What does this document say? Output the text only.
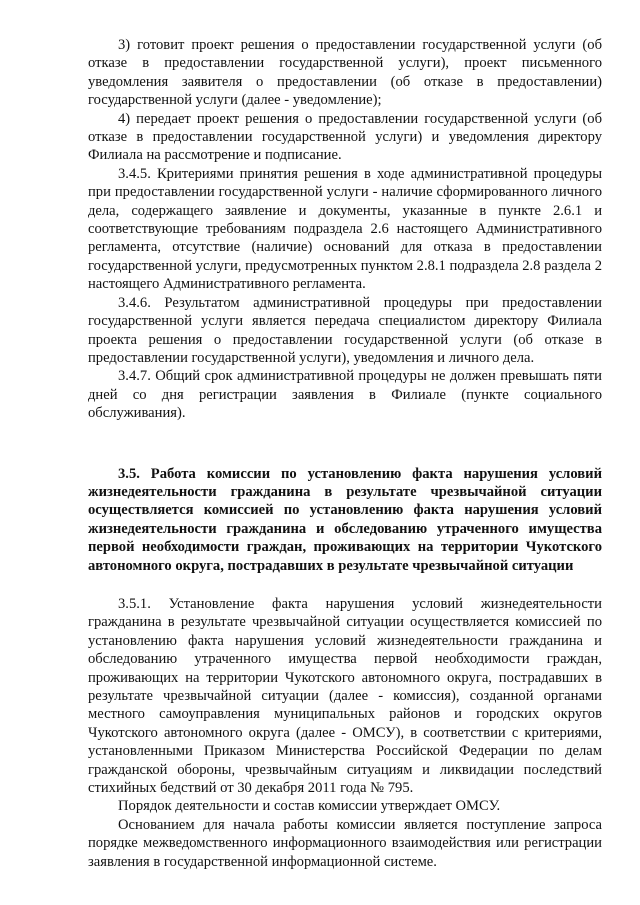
3) готовит проект решения о предоставлении государственной услуги (об отказе в предоставлении государственной услуги), проект письменного уведомления заявителя о предоставлении (об отказе в предоставлении) государственной услуги (далее - уведомление);

4) передает проект решения о предоставлении государственной услуги (об отказе в предоставлении государственной услуги) и уведомления директору Филиала на рассмотрение и подписание.

3.4.5. Критериями принятия решения в ходе административной процедуры при предоставлении государственной услуги - наличие сформированного личного дела, содержащего заявление и документы, указанные в пункте 2.6.1 и соответствующие требованиям подраздела 2.6 настоящего Административного регламента, отсутствие (наличие) оснований для отказа в предоставлении государственной услуги, предусмотренных пунктом 2.8.1 подраздела 2.8 раздела 2 настоящего Административного регламента.

3.4.6. Результатом административной процедуры при предоставлении государственной услуги является передача специалистом директору Филиала проекта решения о предоставлении государственной услуги (об отказе в предоставлении государственной услуги), уведомления и личного дела.

3.4.7. Общий срок административной процедуры не должен превышать пяти дней со дня регистрации заявления в Филиале (пункте социального обслуживания).

3.5. Работа комиссии по установлению факта нарушения условий жизнедеятельности гражданина в результате чрезвычайной ситуации осуществляется комиссией по установлению факта нарушения условий жизнедеятельности гражданина и обследованию утраченного имущества первой необходимости граждан, проживающих на территории Чукотского автономного округа, пострадавших в результате чрезвычайной ситуации

3.5.1. Установление факта нарушения условий жизнедеятельности гражданина в результате чрезвычайной ситуации осуществляется комиссией по установлению факта нарушения условий жизнедеятельности гражданина и обследованию утраченного имущества первой необходимости граждан, проживающих на территории Чукотского автономного округа, пострадавших в результате чрезвычайной ситуации (далее - комиссия), созданной органами местного самоуправления муниципальных районов и городских округов Чукотского автономного округа (далее - ОМСУ), в соответствии с критериями, установленными Приказом Министерства Российской Федерации по делам гражданской обороны, чрезвычайным ситуациям и ликвидации последствий стихийных бедствий от 30 декабря 2011 года № 795.

Порядок деятельности и состав комиссии утверждает ОМСУ.

Основанием для начала работы комиссии является поступление запроса порядке межведомственного информационного взаимодействия или регистрации заявления в государственной информационной системе.
